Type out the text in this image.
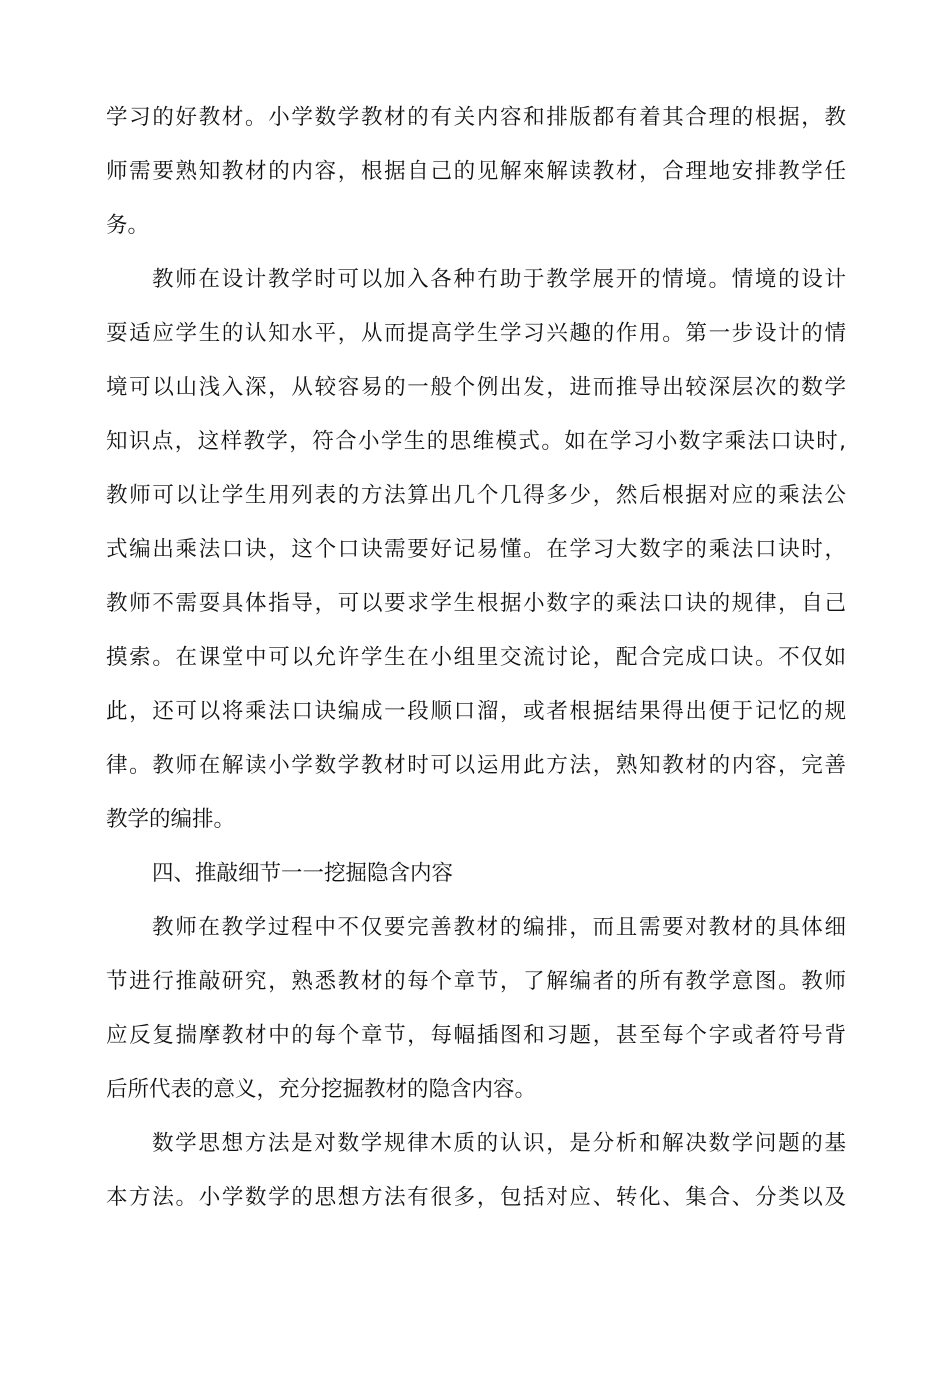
学习的好教材。小学数学教材的有关内容和排版都有着其合理的根据，教
师需要熟知教材的内容，根据自己的见解來解读教材，合理地安排教学任
务。
教师在设计教学时可以加入各种冇助于教学展开的情境。情境的设计
耍适应学生的认知水平，从而提高学生学习兴趣的作用。第一步设计的情
境可以山浅入深，从较容易的一般个例出发，进而推导出较深层次的数学
知识点，这样教学，符合小学生的思维模式。如在学习小数字乘法口诀时,
教师可以让学生用列表的方法算出几个几得多少，然后根据对应的乘法公
式编出乘法口诀，这个口诀需要好记易懂。在学习大数字的乘法口诀时，
教师不需耍具体指导，可以要求学生根据小数字的乘法口诀的规律，自己
摸索。在课堂中可以允许学生在小组里交流讨论，配合完成口诀。不仅如
此，还可以将乘法口诀编成一段顺口溜，或者根据结果得出便于记忆的规
律。教师在解读小学数学教材时可以运用此方法，熟知教材的内容，完善
教学的编排。
四、推敲细节一一挖掘隐含内容
教师在教学过程中不仅要完善教材的编排，而且需要对教材的具体细
节进行推敲研究，熟悉教材的每个章节，了解编者的所有教学意图。教师
应反复揣摩教材中的每个章节，每幅插图和习题，甚至每个字或者符号背
后所代表的意义，充分挖掘教材的隐含内容。
数学思想方法是对数学规律木质的认识，是分析和解决数学问题的基
本方法。小学数学的思想方法有很多，包括对应、转化、集合、分类以及
